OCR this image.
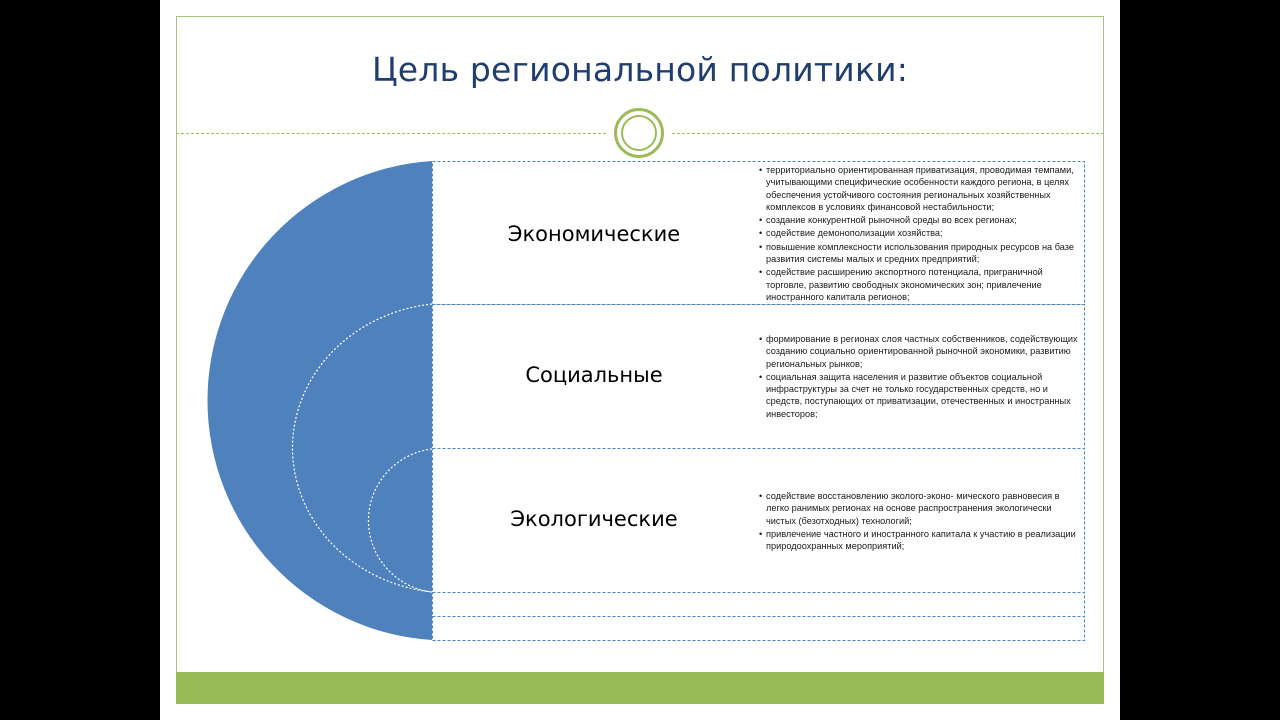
Цель региональной политики:
Экономические
Социальные
Экологические
• территориально ориентированная приватизация, проводимая темпами, учитывающими специфические особенности каждого региона, в целях обеспечения устойчивого состояния региональных хозяйственных комплексов в условиях финансовой нестабильности;
• создание конкурентной рыночной среды во всех регионах;
• содействие демонополизации хозяйства;
• повышение комплексности использования природных ресурсов на базе развития системы малых и средних предприятий;
• содействие расширению экспортного потенциала, приграничной торговле, развитию свободных экономических зон; привлечение иностранного капитала регионов;
• формирование в регионах слоя частных собственников, содействующих созданию социально ориентированной рыночной экономики, развитию региональных рынков;
• социальная защита населения и развитие объектов социальной инфраструктуры за счет не только государственных средств, но и средств, поступающих от приватизации, отечественных и иностранных инвесторов;
• содействие восстановлению эколого-эконо- мического равновесия в легко ранимых регионах на основе распространения экологически чистых (безотходных) технологий;
• привлечение частного и иностранного капитала к участию в реализации природоохранных мероприятий;
